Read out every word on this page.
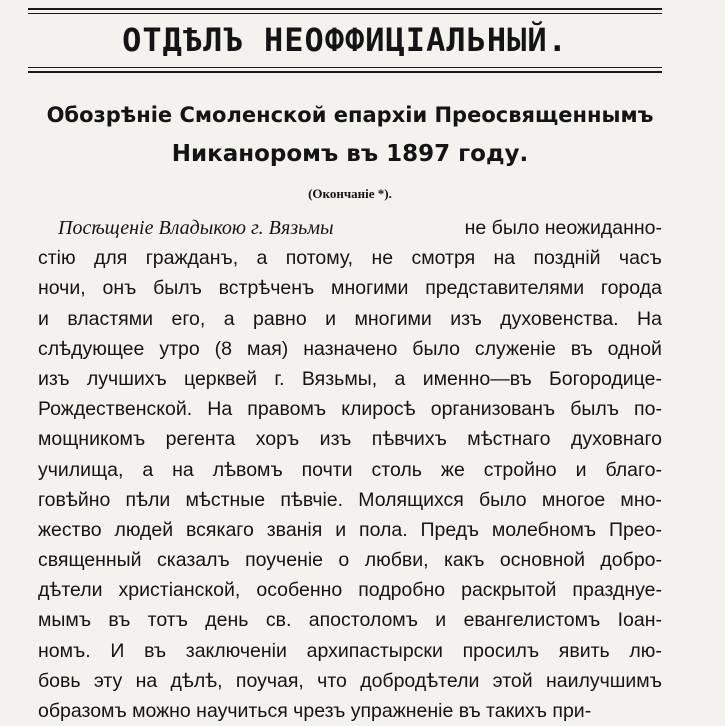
ОТДѢЛЪ НЕОФФИЦІАЛЬНЫЙ.
Обозрѣніе Смоленской епархіи Преосвященнымъ
Никаноромъ въ 1897 году.
(Окончаніе *).
Посѣщеніе Владыкою г. Вязьмы	не было неожиданно-
стію для гражданъ, а потому, не смотря на поздній часъ
ночи, онъ былъ встрѣченъ многими представителями города
и властями его, а равно и многими изъ духовенства. На
слѣдующее утро (8 мая) назначено было служеніе въ одной
изъ лучшихъ церквей г. Вязьмы, а именно—въ Богородице-
Рождественской. На правомъ клиросѣ организованъ былъ по-
мощникомъ регента хоръ изъ пѣвчихъ мѣстнаго духовнаго
училища, а на лѣвомъ почти столь же стройно и благо-
говѣйно пѣли мѣстные пѣвчіе. Молящихся было многое мно-
жество людей всякаго званія и пола. Предъ молебномъ Прео-
священный сказалъ поученіе о любви, какъ основной добро-
дѣтели христіанской, особенно подробно раскрытой празднуе-
мымъ въ тотъ день св. апостоломъ и евангелистомъ Іоан-
номъ. И въ заключеніи архипастырски просилъ явить лю-
бовь эту на дѣлѣ, поучая, что добродѣтели этой наилучшимъ
образомъ можно научиться чрезъ упражненіе въ такихъ при-
